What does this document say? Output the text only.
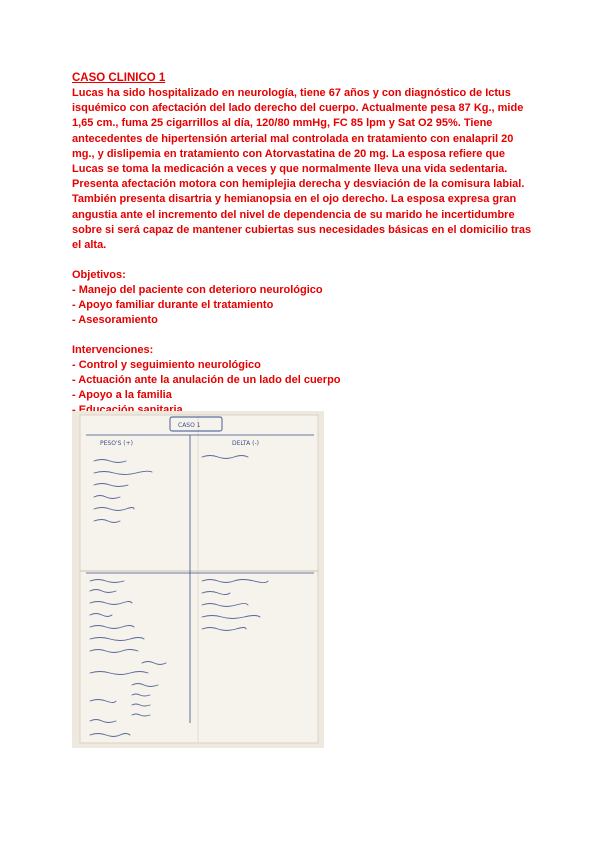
CASO CLINICO 1

Lucas ha sido hospitalizado en neurología, tiene 67 años y con diagnóstico de Ictus isquémico con afectación del lado derecho del cuerpo. Actualmente pesa 87 Kg., mide 1,65 cm., fuma 25 cigarrillos al día, 120/80 mmHg, FC 85 lpm y Sat O2 95%. Tiene antecedentes de hipertensión arterial mal controlada en tratamiento con enalapril 20 mg., y dislipemia en tratamiento con Atorvastatina de 20 mg. La esposa refiere que Lucas se toma la medicación a veces y que normalmente lleva una vida sedentaria. Presenta afectación motora con hemiplejia derecha y desviación de la comisura labial. También presenta disartria y hemianopsia en el ojo derecho. La esposa expresa gran angustia ante el incremento del nivel de dependencia de su marido he incertidumbre sobre si será capaz de mantener cubiertas sus necesidades básicas en el domicilio tras el alta.

Objetivos:
- Manejo del paciente con deterioro neurológico
- Apoyo familiar durante el tratamiento
- Asesoramiento
Intervenciones:
- Control y seguimiento neurológico
- Actuación ante la anulación de un lado del cuerpo
- Apoyo a la familia
CASO 1
PESO'S (+)	DELTA (-)
